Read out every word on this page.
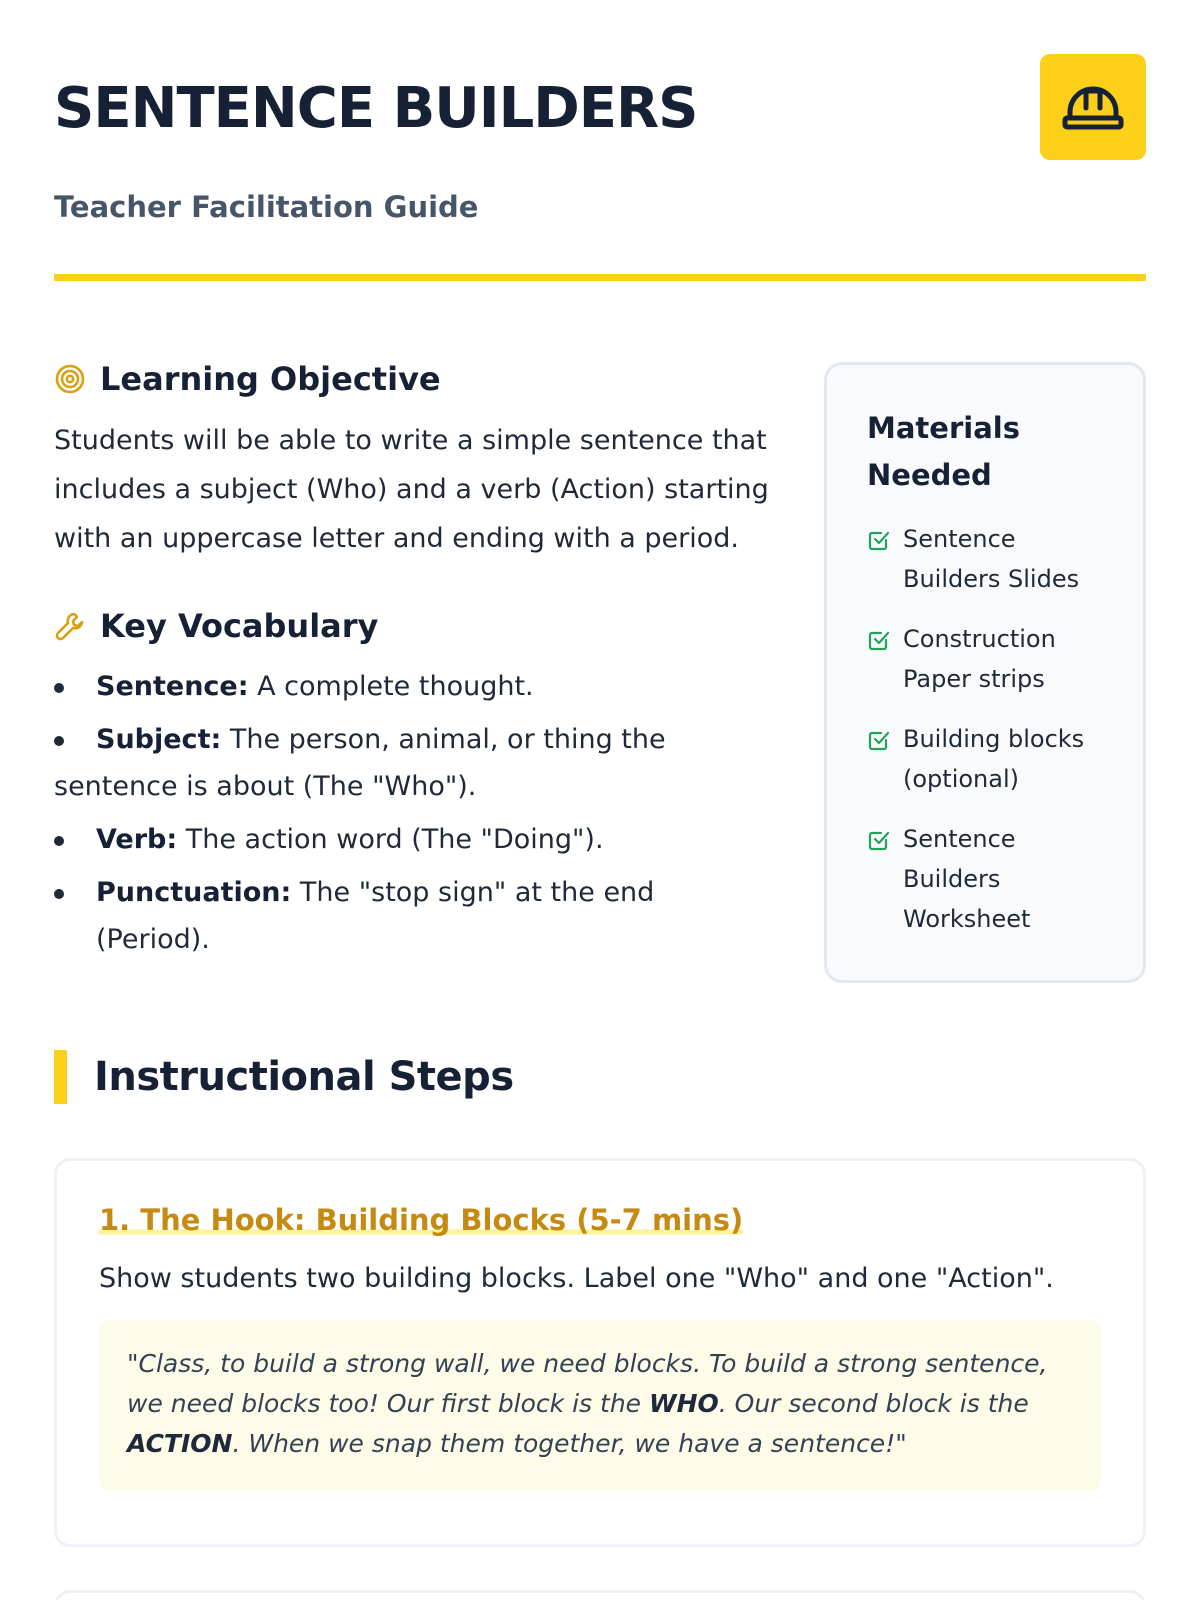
SENTENCE BUILDERS
Teacher Facilitation Guide
Learning Objective

Students will be able to write a simple sentence that includes a subject (Who) and a verb (Action) starting with an uppercase letter and ending with a period.

Key Vocabulary
Sentence: A complete thought.
Subject: The person, animal, or thing the sentence is about (The "Who").
Verb: The action word (The "Doing").
Punctuation: The "stop sign" at the end (Period).
Materials Needed
Sentence Builders Slides
Construction Paper strips
Building blocks (optional)
Sentence Builders Worksheet
Instructional Steps
1. The Hook: Building Blocks (5-7 mins)

Show students two building blocks. Label one "Who" and one "Action".

"Class, to build a strong wall, we need blocks. To build a strong sentence, we need blocks too! Our first block is the WHO. Our second block is the ACTION. When we snap them together, we have a sentence!"
